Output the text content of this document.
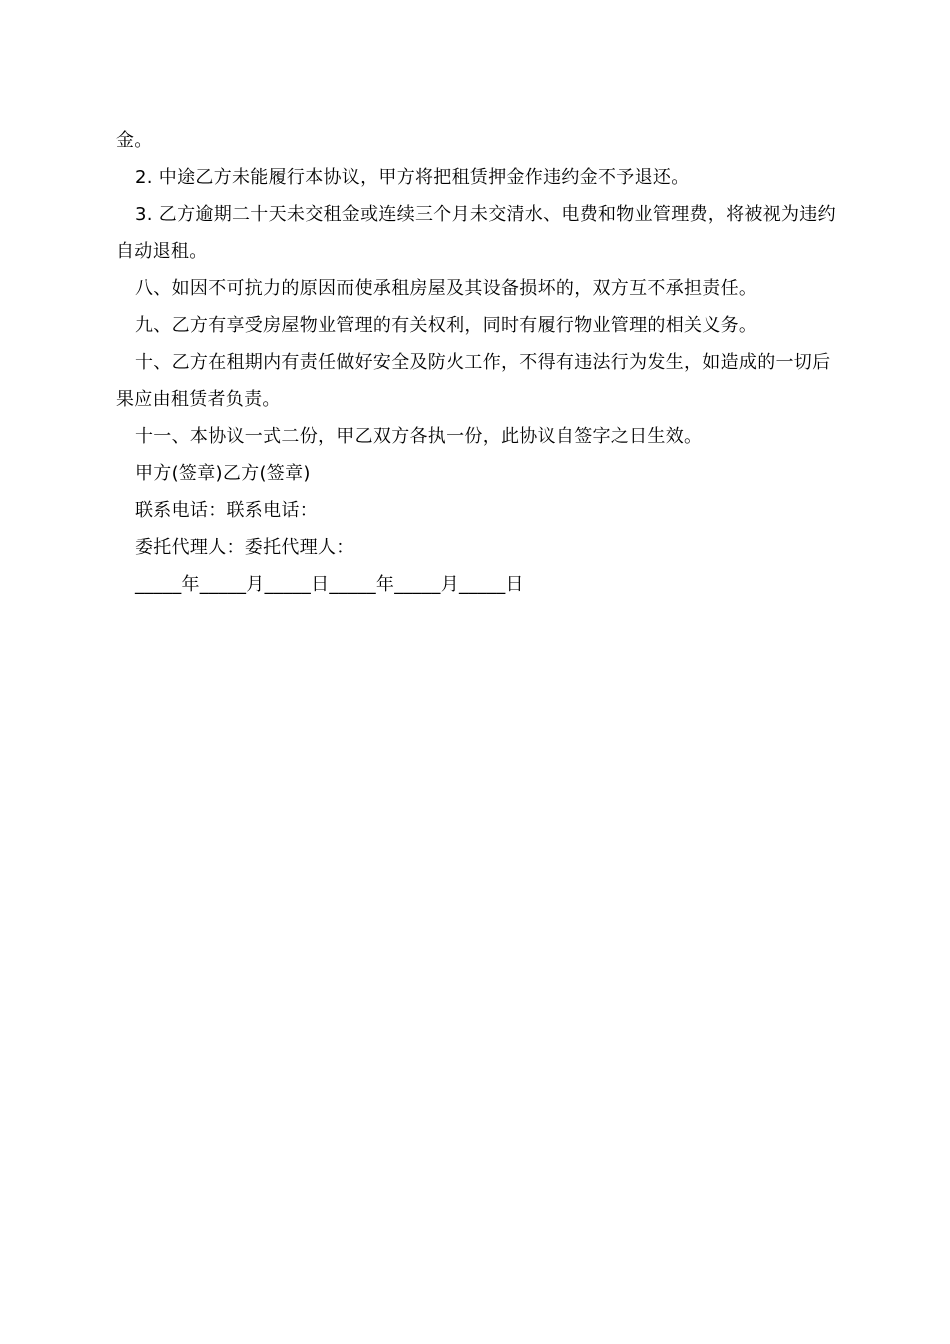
金。

2. 中途乙方未能履行本协议，甲方将把租赁押金作违约金不予退还。

3. 乙方逾期二十天未交租金或连续三个月未交清水、电费和物业管理费，将被视为违约自动退租。

八、如因不可抗力的原因而使承租房屋及其设备损坏的，双方互不承担责任。

九、乙方有享受房屋物业管理的有关权利，同时有履行物业管理的相关义务。

十、乙方在租期内有责任做好安全及防火工作，不得有违法行为发生，如造成的一切后果应由租赁者负责。

十一、本协议一式二份，甲乙双方各执一份，此协议自签字之日生效。

甲方(签章)乙方(签章)

联系电话：联系电话：

委托代理人：委托代理人：

_____年_____月_____日_____年_____月_____日
